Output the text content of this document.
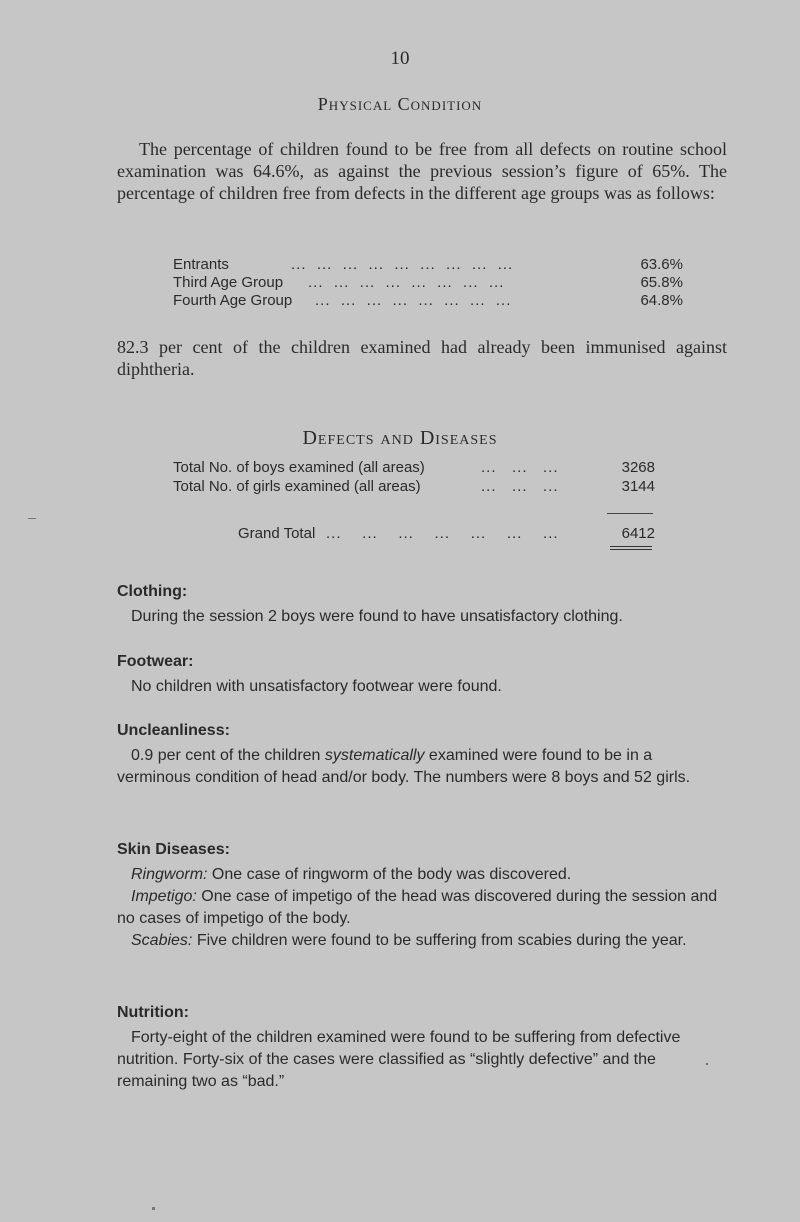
10
Physical Condition
The percentage of children found to be free from all defects on routine school examination was 64.6%, as against the previous session’s figure of 65%. The percentage of children free from defects in the different age groups was as follows:
Entrants	...  ...  ...  ...  ...  ...  ...  ...  ...	63.6%
Third Age Group ...  ...  ...  ...  ...  ...  ...  ...	65.8%
Fourth Age Group ...  ...  ...  ...  ...  ...  ...  ...	64.8%
82.3 per cent of the children examined had already been immunised against diphtheria.
Defects and Diseases
Total No. of boys examined (all areas)	...   ...   ...	3268
Total No. of girls examined (all areas)	...   ...   ...	3144
Grand Total ...    ...    ...    ...    ...    ...    ...	6412
Clothing:

During the session 2 boys were found to have unsatisfactory clothing.

Footwear:

No children with unsatisfactory footwear were found.

Uncleanliness:

0.9 per cent of the children systematically examined were found to be in a verminous condition of head and/or body. The numbers were 8 boys and 52 girls.

Skin Diseases:

Ringworm: One case of ringworm of the body was discovered.

Impetigo: One case of impetigo of the head was discovered during the session and no cases of impetigo of the body.

Scabies: Five children were found to be suffering from scabies during the year.

Nutrition:

Forty-eight of the children examined were found to be suffering from defective nutrition. Forty-six of the cases were classified as “slightly defective” and the remaining two as “bad.”
